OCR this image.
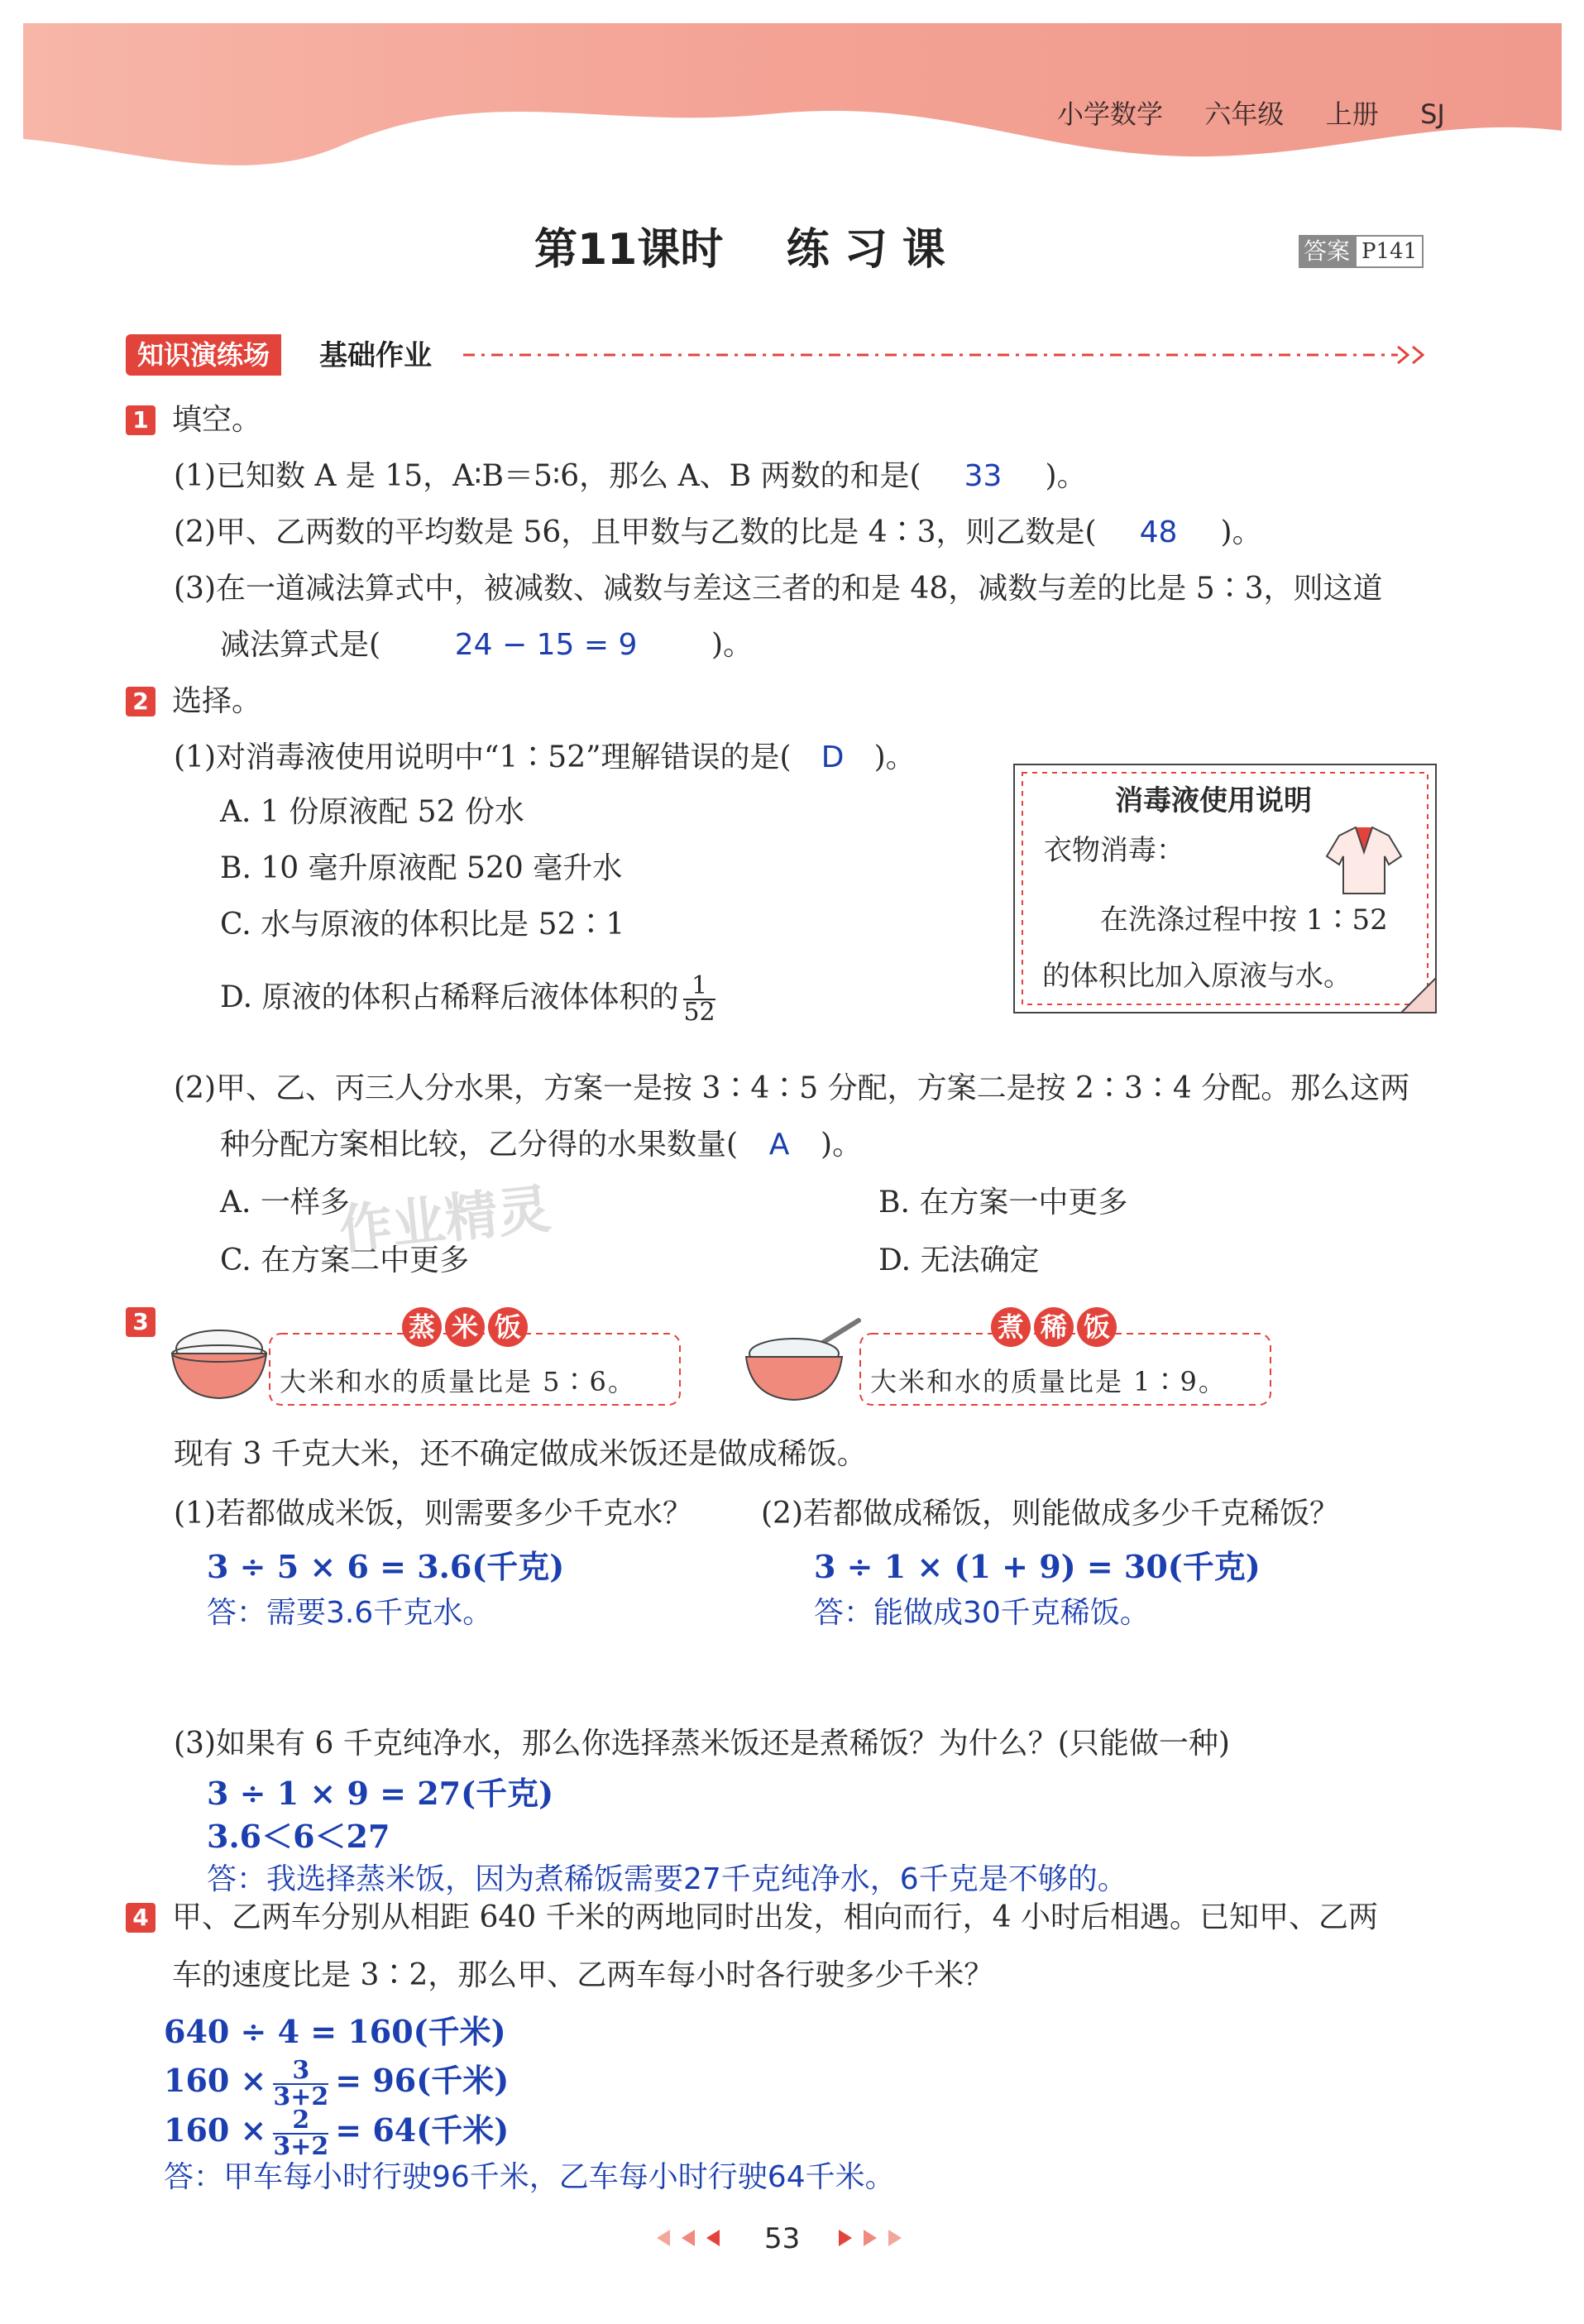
小学数学 六年级 上册 SJ
第11课时 练 习 课	答案 P141
知识演练场	基础作业
1 填空。
(1)已知数 A 是 15，A∶B＝5∶6，那么 A、B 两数的和是( 33 )。
(2)甲、乙两数的平均数是 56，且甲数与乙数的比是 4∶3，则乙数是( 48 )。
(3)在一道减法算式中，被减数、减数与差这三者的和是 48，减数与差的比是 5∶3，则这道
减法算式是( 24 − 15 = 9 )。
2 选择。
(1)对消毒液使用说明中“1∶52”理解错误的是( D )。
A. 1 份原液配 52 份水
B. 10 毫升原液配 520 毫升水
C. 水与原液的体积比是 52∶1
D. 原液的体积占稀释后液体体积的 $\frac{1}{52}$
消毒液使用说明
衣物消毒：
在洗涤过程中按 1∶52
的体积比加入原液与水。
(2)甲、乙、丙三人分水果，方案一是按 3∶4∶5 分配，方案二是按 2∶3∶4 分配。那么这两
种分配方案相比较，乙分得的水果数量( A )。
A. 一样多	B. 在方案一中更多
C. 在方案二中更多	D. 无法确定
作业精灵
3	蒸 米 饭
大米和水的质量比是 5∶6。
煮 稀 饭
大米和水的质量比是 1∶9。
现有 3 千克大米，还不确定做成米饭还是做成稀饭。
(1)若都做成米饭，则需要多少千克水？ (2)若都做成稀饭，则能做成多少千克稀饭？
3 ÷ 5 × 6 = 3.6(千克)	3 ÷ 1 × (1 + 9) = 30(千克)
答：需要3.6千克水。	答：能做成30千克稀饭。
(3)如果有 6 千克纯净水，那么你选择蒸米饭还是煮稀饭？为什么？(只能做一种)
3 ÷ 1 × 9 = 27(千克)
3.6＜6＜27
答：我选择蒸米饭，因为煮稀饭需要27千克纯净水，6千克是不够的。
4 甲、乙两车分别从相距 640 千米的两地同时出发，相向而行，4 小时后相遇。已知甲、乙两
车的速度比是 3∶2，那么甲、乙两车每小时各行驶多少千米？
640 ÷ 4 = 160(千米)
$160 \times \frac{3}{3+2} = 96$(千米)
$160 \times \frac{2}{3+2} = 64$(千米)
答：甲车每小时行驶96千米，乙车每小时行驶64千米。
53
